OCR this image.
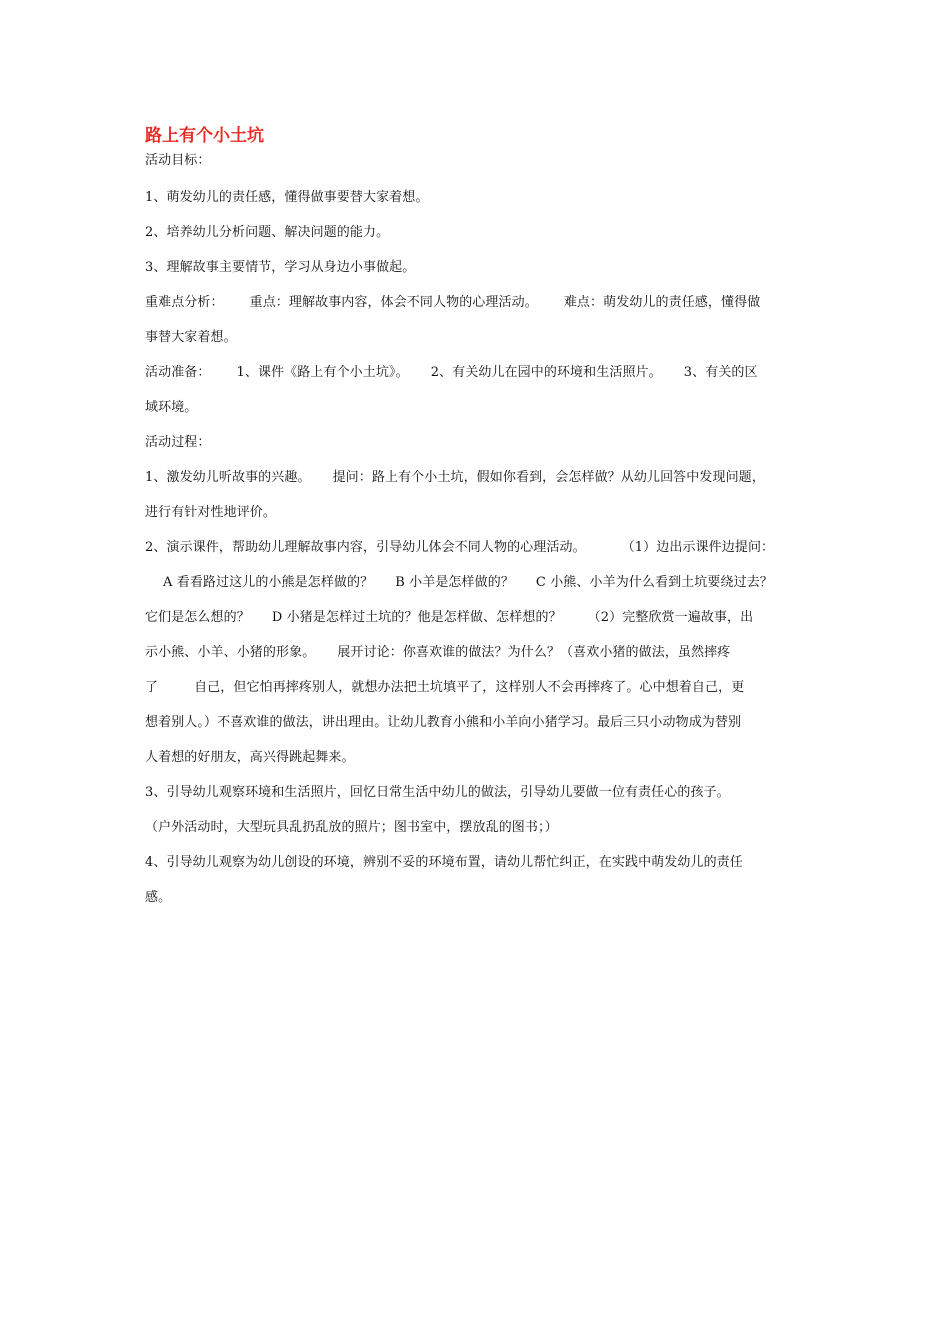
路上有个小土坑
活动目标：
1、萌发幼儿的责任感，懂得做事要替大家着想。
2、培养幼儿分析问题、解决问题的能力。
3、理解故事主要情节，学习从身边小事做起。
重难点分析： 重点：理解故事内容，体会不同人物的心理活动。 难点：萌发幼儿的责任感，懂得做
事替大家着想。
活动准备： 1、课件《路上有个小土坑》。 2、有关幼儿在园中的环境和生活照片。 3、有关的区
域环境。
活动过程：
1、激发幼儿听故事的兴趣。 提问：路上有个小土坑，假如你看到，会怎样做？从幼儿回答中发现问题，
进行有针对性地评价。
2、演示课件，帮助幼儿理解故事内容，引导幼儿体会不同人物的心理活动。	（1）边出示课件边提问：
A 看看路过这儿的小熊是怎样做的？ B 小羊是怎样做的？ C 小熊、小羊为什么看到土坑要绕过去？
它们是怎么想的？ D 小猪是怎样过土坑的？他是怎样做、怎样想的？ （2）完整欣赏一遍故事，出
示小熊、小羊、小猪的形象。 展开讨论：你喜欢谁的做法？为什么？（喜欢小猪的做法，虽然摔疼
了	自己，但它怕再摔疼别人，就想办法把土坑填平了，这样别人不会再摔疼了。心中想着自己，更
想着别人。）不喜欢谁的做法，讲出理由。让幼儿教育小熊和小羊向小猪学习。最后三只小动物成为替别
人着想的好朋友，高兴得跳起舞来。
3、引导幼儿观察环境和生活照片，回忆日常生活中幼儿的做法，引导幼儿要做一位有责任心的孩子。
（户外活动时，大型玩具乱扔乱放的照片；图书室中，摆放乱的图书；）
4、引导幼儿观察为幼儿创设的环境，辨别不妥的环境布置，请幼儿帮忙纠正，在实践中萌发幼儿的责任
感。
